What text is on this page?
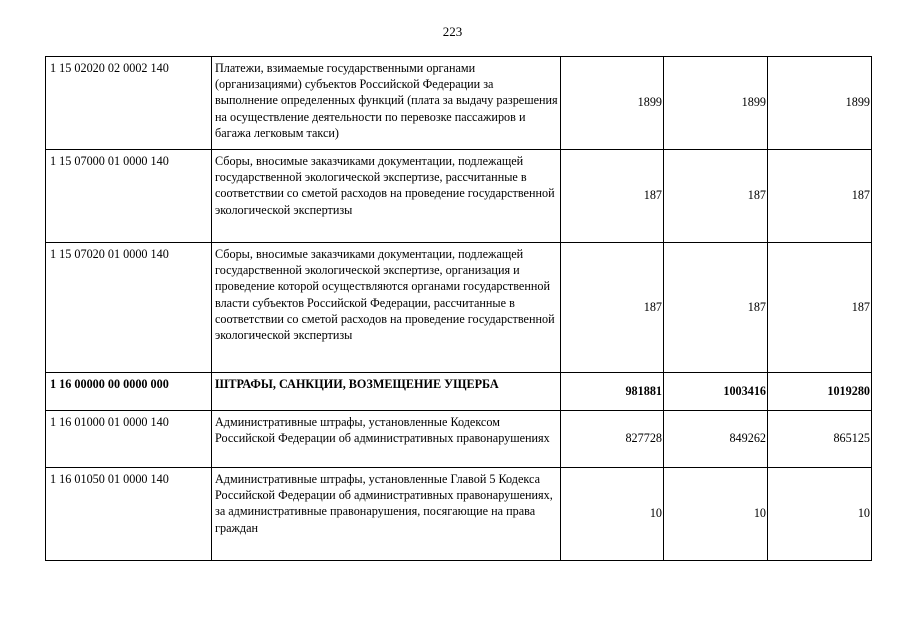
223
1 15 02020 02 0002 140	Платежи, взимаемые государственными органами (организациями) субъектов Российской Федерации за выполнение определенных функций (плата за выдачу разрешения на осуществление деятельности по перевозке пассажиров и багажа легковым такси)	1899	1899	1899
1 15 07000 01 0000 140	Сборы, вносимые заказчиками документации, подлежащей государственной экологической экспертизе, рассчитанные в соответствии со сметой расходов на проведение государственной экологической экспертизы	187	187	187
1 15 07020 01 0000 140	Сборы, вносимые заказчиками документации, подлежащей государственной экологической экспертизе, организация и проведение которой осуществляются органами государственной власти субъектов Российской Федерации, рассчитанные в соответствии со сметой расходов на проведение государственной экологической экспертизы	187	187	187
1 16 00000 00 0000 000	ШТРАФЫ, САНКЦИИ, ВОЗМЕЩЕНИЕ УЩЕРБА	981881	1003416	1019280
1 16 01000 01 0000 140	Административные штрафы, установленные Кодексом Российской Федерации об административных правонарушениях	827728	849262	865125
1 16 01050 01 0000 140	Административные штрафы, установленные Главой 5 Кодекса Российской Федерации об административных правонарушениях, за административные правонарушения, посягающие на права граждан	10	10	10
